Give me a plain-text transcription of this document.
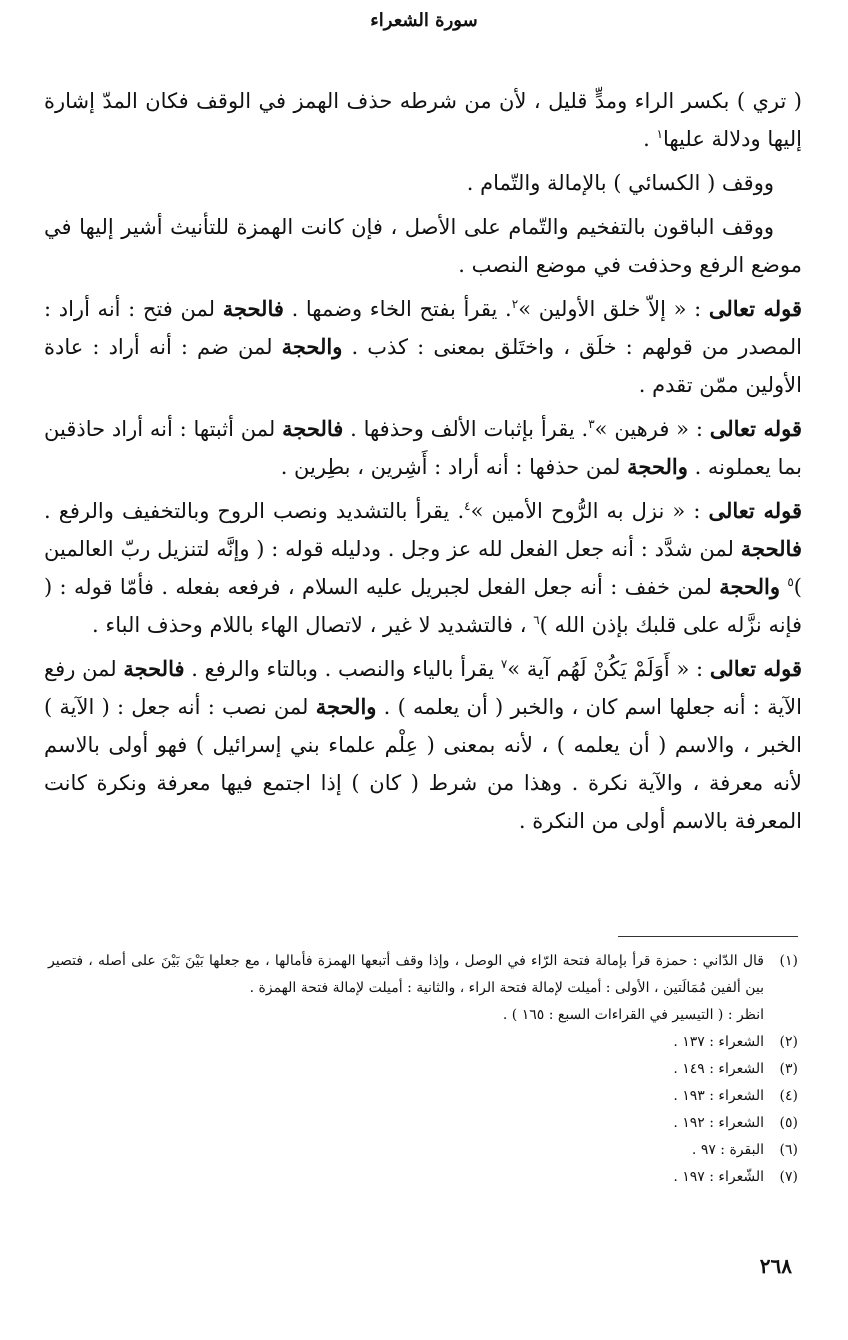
سورة الشعراء

( تري ) بكسر الراء ومدٍّ قليل ، لأن من شرطه حذف الهمز في الوقف فكان المدّ إشارة إليها ودلالة عليها$^١$ .

ووقف ( الكسائي ) بالإمالة والتّمام .

ووقف الباقون بالتفخيم والتّمام على الأصل ، فإن كانت الهمزة للتأنيث أشير إليها في موضع الرفع وحذفت في موضع النصب .

قوله تعالى : « إلاّ خلق الأولين »$^٢$. يقرأ بفتح الخاء وضمها . فالحجة لمن فتح : أنه أراد : المصدر من قولهم : خلَق ، واختَلق بمعنى : كذب . والحجة لمن ضم : أنه أراد : عادة الأولين ممّن تقدم .

قوله تعالى : « فرهين »$^٣$. يقرأ بإثبات الألف وحذفها . فالحجة لمن أثبتها : أنه أراد حاذقين بما يعملونه . والحجة لمن حذفها : أنه أراد : أَشِرين ، بطِرين .

قوله تعالى : « نزل به الرُّوح الأمين »$^٤$. يقرأ بالتشديد ونصب الروح وبالتخفيف والرفع . فالحجة لمن شدَّد : أنه جعل الفعل لله عز وجل . ودليله قوله : ( وإنَّه لتنزيل ربّ العالمين )$^٥$ والحجة لمن خفف : أنه جعل الفعل لجبريل عليه السلام ، فرفعه بفعله . فأمّا قوله : ( فإنه نزَّله على قلبك بإذن الله )$^٦$ ، فالتشديد لا غير ، لاتصال الهاء باللام وحذف الباء .

قوله تعالى : « أَوَلَمْ يَكُنْ لَهُم آية »$^٧$ يقرأ بالياء والنصب . وبالتاء والرفع . فالحجة لمن رفع الآية : أنه جعلها اسم كان ، والخبر ( أن يعلمه ) . والحجة لمن نصب : أنه جعل : ( الآية ) الخبر ، والاسم ( أن يعلمه ) ، لأنه بمعنى ( عِلْم علماء بني إسرائيل ) فهو أولى بالاسم لأنه معرفة ، والآية نكرة . وهذا من شرط ( كان ) إذا اجتمع فيها معرفة ونكرة كانت المعرفة بالاسم أولى من النكرة .

(١)
قال الدّاني : حمزة قرأ بإمالة فتحة الرّاء في الوصل ، وإذا وقف أتبعها الهمزة فأمالها ، مع جعلها بَيْنَ بَيْنَ على أصله ، فتصير بين ألفين مُمَالَتين ، الأولى : أميلت لإمالة فتحة الراء ، والثانية : أميلت لإمالة فتحة الهمزة .
انظر : ( التيسير في القراءات السبع : ١٦٥ ) .
(٢)
الشعراء : ١٣٧ .
(٣)
الشعراء : ١٤٩ .
(٤)
الشعراء : ١٩٣ .
(٥)
الشعراء : ١٩٢ .
(٦)
البقرة : ٩٧ .
(٧)
الشّعراء : ١٩٧ .
٢٦٨
